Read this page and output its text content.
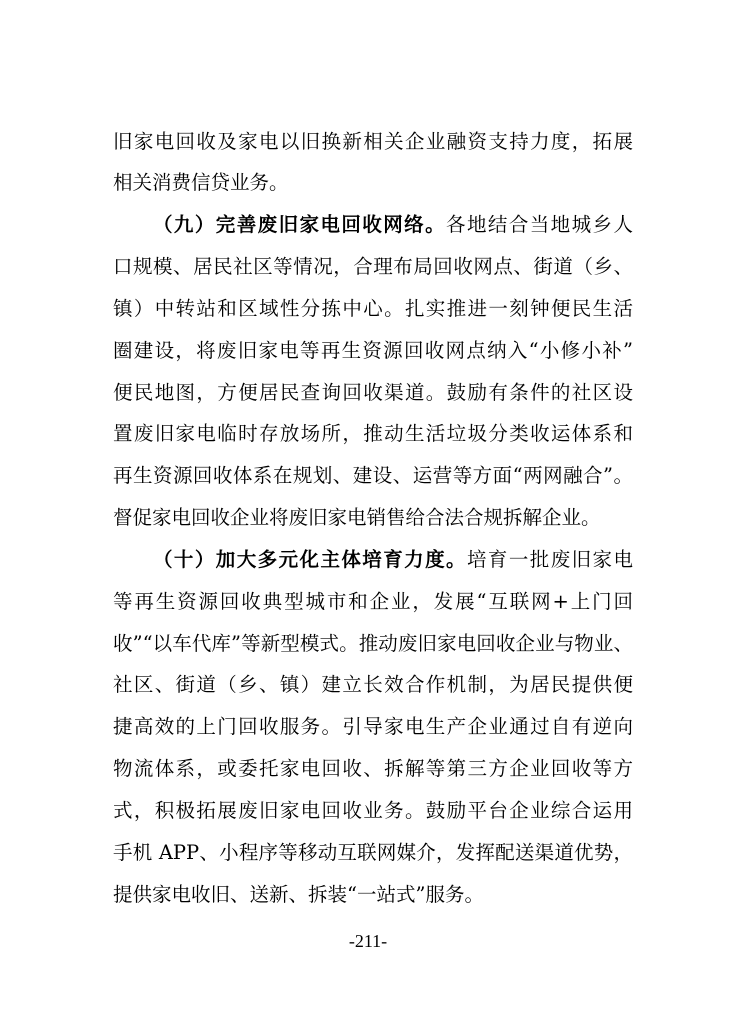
旧家电回收及家电以旧换新相关企业融资支持力度，拓展
相关消费信贷业务。
（九）完善废旧家电回收网络。各地结合当地城乡人
口规模、居民社区等情况，合理布局回收网点、街道（乡、
镇）中转站和区域性分拣中心。扎实推进一刻钟便民生活
圈建设，将废旧家电等再生资源回收网点纳入“小修小补”
便民地图，方便居民查询回收渠道。鼓励有条件的社区设
置废旧家电临时存放场所，推动生活垃圾分类收运体系和
再生资源回收体系在规划、建设、运营等方面“两网融合”。
督促家电回收企业将废旧家电销售给合法合规拆解企业。
（十）加大多元化主体培育力度。培育一批废旧家电
等再生资源回收典型城市和企业，发展“互联网+上门回
收”“以车代库”等新型模式。推动废旧家电回收企业与物业、
社区、街道（乡、镇）建立长效合作机制，为居民提供便
捷高效的上门回收服务。引导家电生产企业通过自有逆向
物流体系，或委托家电回收、拆解等第三方企业回收等方
式，积极拓展废旧家电回收业务。鼓励平台企业综合运用
手机 APP、小程序等移动互联网媒介，发挥配送渠道优势，
提供家电收旧、送新、拆装“一站式”服务。
-211-
